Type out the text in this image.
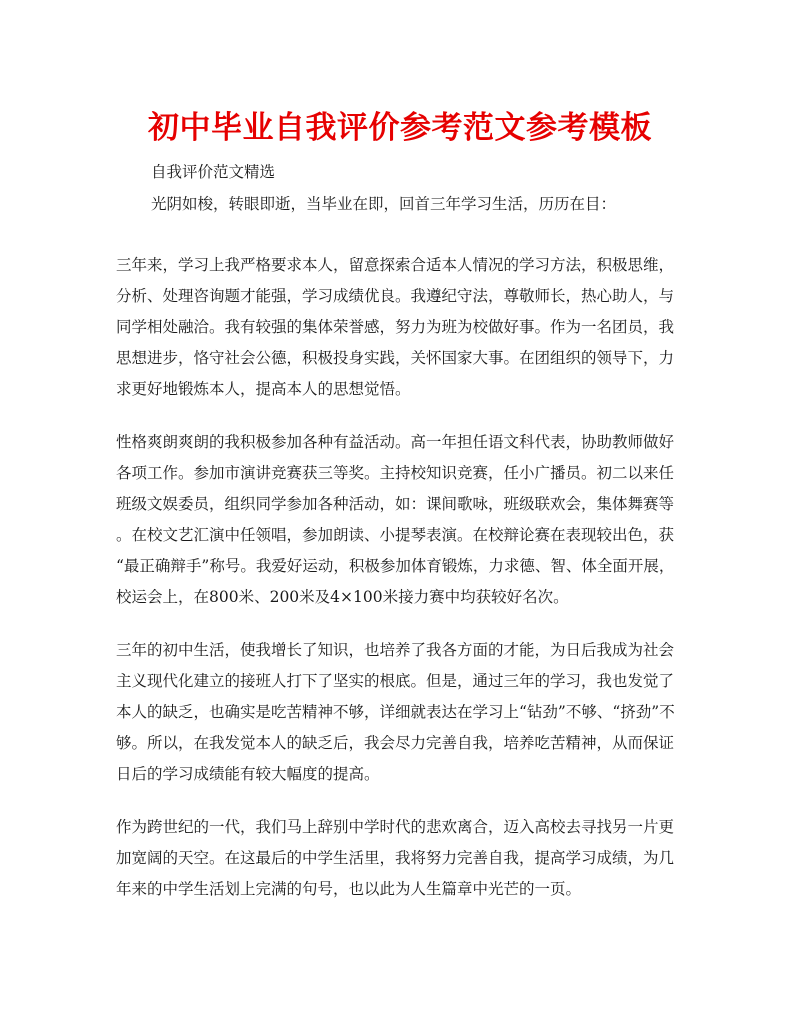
初中毕业自我评价参考范文参考模板

自我评价范文精选

光阴如梭，转眼即逝，当毕业在即，回首三年学习生活，历历在目：

三年来，学习上我严格要求本人，留意探索合适本人情况的学习方法，积极思维，
分析、处理咨询题才能强，学习成绩优良。我遵纪守法，尊敬师长，热心助人，与
同学相处融洽。我有较强的集体荣誉感，努力为班为校做好事。作为一名团员，我
思想进步，恪守社会公德，积极投身实践，关怀国家大事。在团组织的领导下，力
求更好地锻炼本人，提高本人的思想觉悟。
性格爽朗爽朗的我积极参加各种有益活动。高一年担任语文科代表，协助教师做好
各项工作。参加市演讲竞赛获三等奖。主持校知识竞赛，任小广播员。初二以来任
班级文娱委员，组织同学参加各种活动，如：课间歌咏，班级联欢会，集体舞赛等
。在校文艺汇演中任领唱，参加朗读、小提琴表演。在校辩论赛在表现较出色，获
“最正确辩手”称号。我爱好运动，积极参加体育锻炼，力求德、智、体全面开展，
校运会上，在800米、200米及4×100米接力赛中均获较好名次。
三年的初中生活，使我增长了知识，也培养了我各方面的才能，为日后我成为社会
主义现代化建立的接班人打下了坚实的根底。但是，通过三年的学习，我也发觉了
本人的缺乏，也确实是吃苦精神不够，详细就表达在学习上“钻劲”不够、“挤劲”不
够。所以，在我发觉本人的缺乏后，我会尽力完善自我，培养吃苦精神，从而保证
日后的学习成绩能有较大幅度的提高。
作为跨世纪的一代，我们马上辞别中学时代的悲欢离合，迈入高校去寻找另一片更
加宽阔的天空。在这最后的中学生活里，我将努力完善自我，提高学习成绩，为几
年来的中学生活划上完满的句号，也以此为人生篇章中光芒的一页。
